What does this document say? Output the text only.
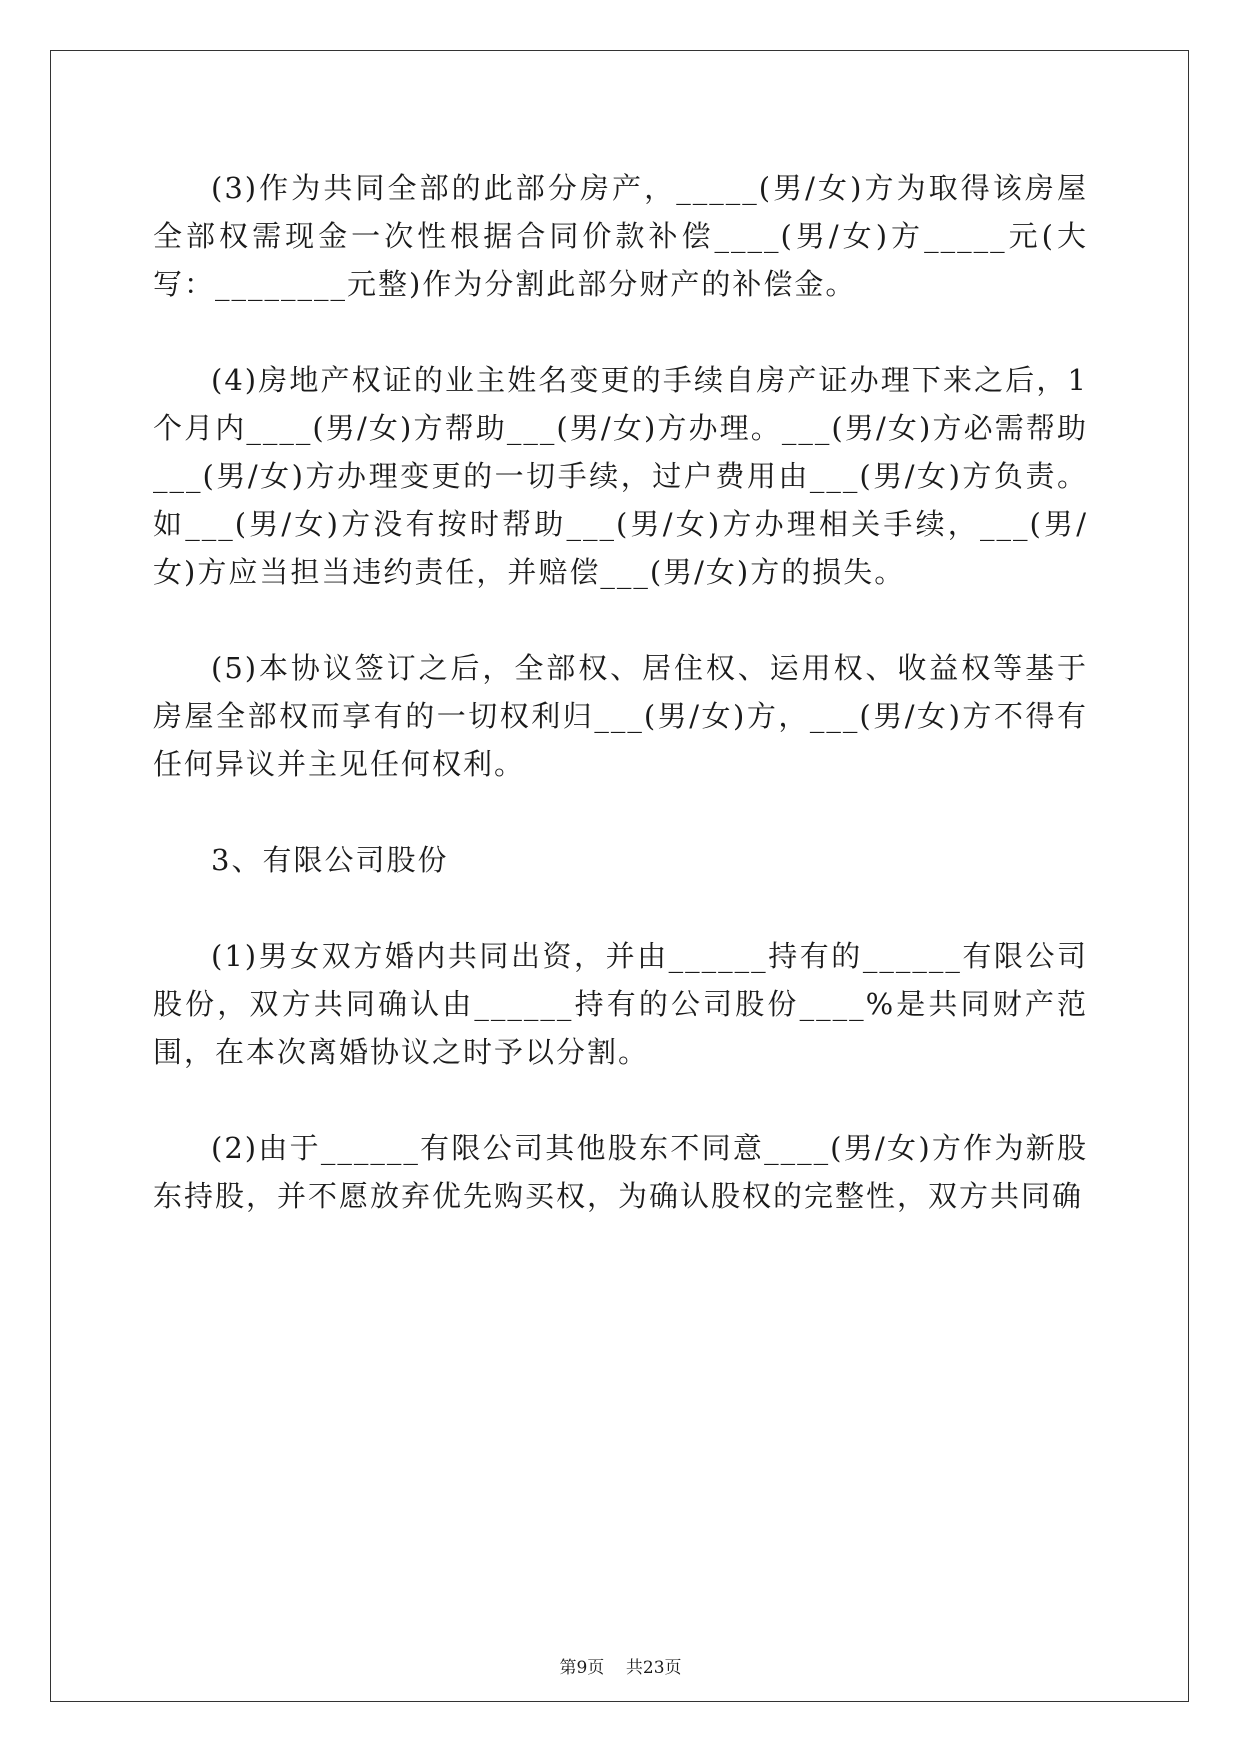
(3)作为共同全部的此部分房产，_____(男/女)方为取得该房屋全部权需现金一次性根据合同价款补偿____(男/女)方_____元(大写：________元整)作为分割此部分财产的补偿金。

(4)房地产权证的业主姓名变更的手续自房产证办理下来之后，1个月内____(男/女)方帮助___(男/女)方办理。___(男/女)方必需帮助___(男/女)方办理变更的一切手续，过户费用由___(男/女)方负责。如___(男/女)方没有按时帮助___(男/女)方办理相关手续，___(男/女)方应当担当违约责任，并赔偿___(男/女)方的损失。

(5)本协议签订之后，全部权、居住权、运用权、收益权等基于房屋全部权而享有的一切权利归___(男/女)方，___(男/女)方不得有任何异议并主见任何权利。

3、有限公司股份

(1)男女双方婚内共同出资，并由______持有的______有限公司股份，双方共同确认由______持有的公司股份____%是共同财产范围，在本次离婚协议之时予以分割。

(2)由于______有限公司其他股东不同意____(男/女)方作为新股东持股，并不愿放弃优先购买权，为确认股权的完整性，双方共同确

第9页 共23页
